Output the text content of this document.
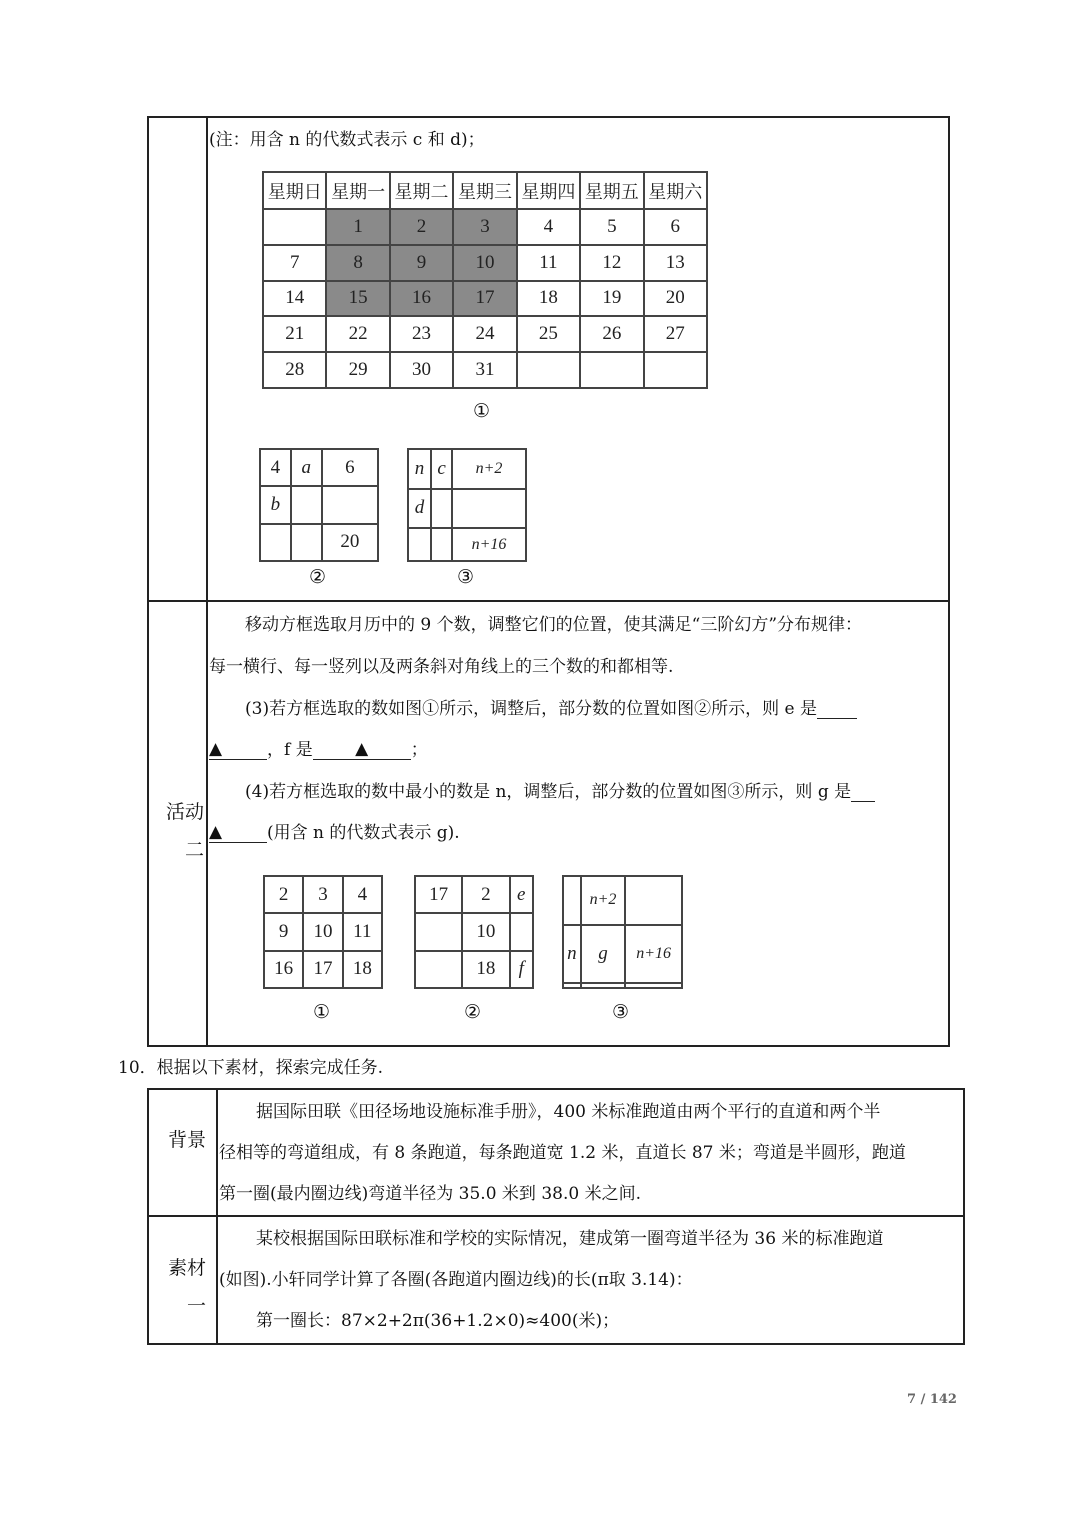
(注：用含 n 的代数式表示 c 和 d)；
星期日	星期一	星期二	星期三	星期四	星期五	星期六
	1	2	3	4	5	6
7	8	9	10	11	12	13
14	15	16	17	18	19	20
21	22	23	24	25	26	27
28	29	30	31			
①
4	a	6
b		
		20
②
n	c	n+2
d		
		n+16
③
活动二
移动方框选取月历中的 9 个数，调整它们的位置，使其满足“三阶幻方”分布规律：
每一横行、每一竖列以及两条斜对角线上的三个数的和都相等.
(3)若方框选取的数如图①所示，调整后，部分数的位置如图②所示，则 e 是
▲	，f 是 ▲ ；
(4)若方框选取的数中最小的数是 n，调整后，部分数的位置如图③所示，则 g 是
▲	(用含 n 的代数式表示 g).
2	3	4
9	10	11
16	17	18
①
17	2	e
	10	
	18	f
②
	n+2	
n	g	n+16

③
10．根据以下素材，探索完成任务.
背景
据国际田联《田径场地设施标准手册》，400 米标准跑道由两个平行的直道和两个半
径相等的弯道组成，有 8 条跑道，每条跑道宽 1.2 米，直道长 87 米；弯道是半圆形，跑道
第一圈(最内圈边线)弯道半径为 35.0 米到 38.0 米之间.
素材一
某校根据国际田联标准和学校的实际情况，建成第一圈弯道半径为 36 米的标准跑道
(如图).小轩同学计算了各圈(各跑道内圈边线)的长(π取 3.14)：
第一圈长：87×2+2π(36+1.2×0)≈400(米)；
7 / 142
